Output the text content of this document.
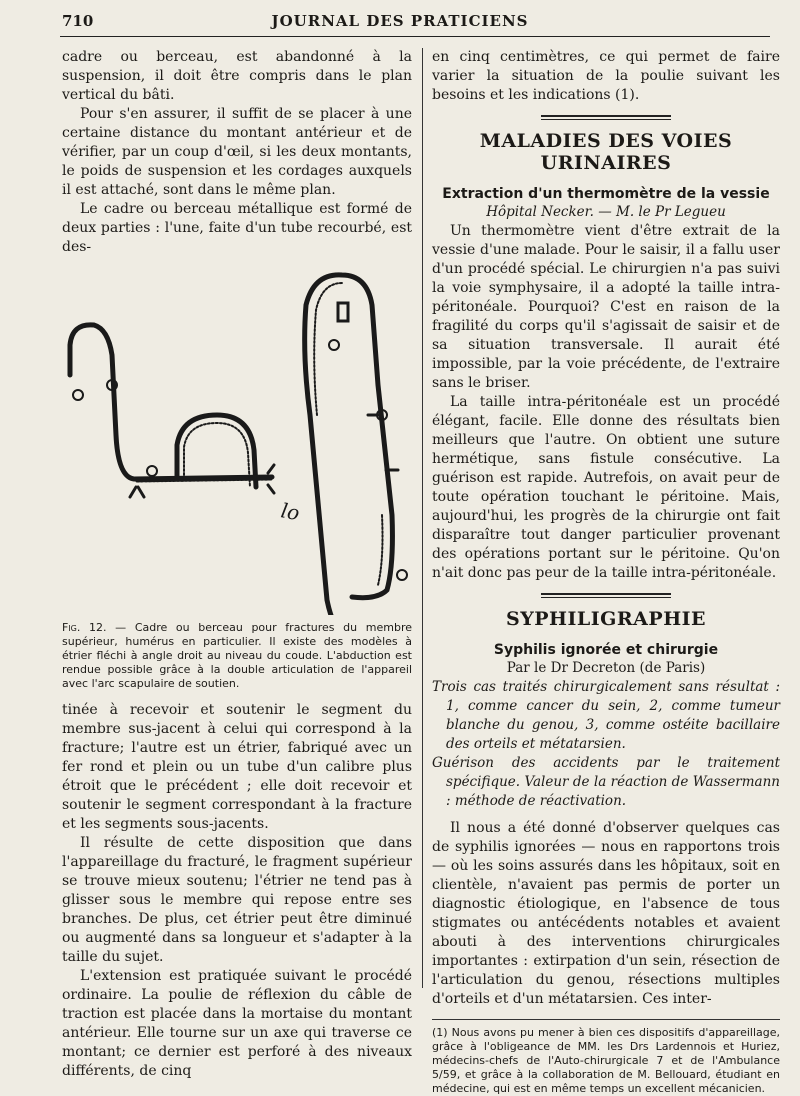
710	JOURNAL DES PRATICIENS

cadre ou berceau, est abandonné à la suspension, il doit être compris dans le plan vertical du bâti.

Pour s'en assurer, il suffit de se placer à une certaine distance du montant antérieur et de vérifier, par un coup d'œil, si les deux montants, le poids de suspension et les cordages auxquels il est attaché, sont dans le même plan.

Le cadre ou berceau métallique est formé de deux parties : l'une, faite d'un tube recourbé, est des-

lo
Fig. 12. — Cadre ou berceau pour fractures du membre supérieur, humérus en particulier. Il existe des modèles à étrier fléchi à angle droit au niveau du coude. L'abduction est rendue possible grâce à la double articulation de l'appareil avec l'arc scapulaire de soutien.

tinée à recevoir et soutenir le segment du membre sus-jacent à celui qui correspond à la fracture; l'autre est un étrier, fabriqué avec un fer rond et plein ou un tube d'un calibre plus étroit que le précédent ; elle doit recevoir et soutenir le segment correspondant à la fracture et les segments sous-jacents.

Il résulte de cette disposition que dans l'appareillage du fracturé, le fragment supérieur se trouve mieux soutenu; l'étrier ne tend pas à glisser sous le membre qui repose entre ses branches. De plus, cet étrier peut être diminué ou augmenté dans sa longueur et s'adapter à la taille du sujet.

L'extension est pratiquée suivant le procédé ordinaire. La poulie de réflexion du câble de traction est placée dans la mortaise du montant antérieur. Elle tourne sur un axe qui traverse ce montant; ce dernier est perforé à des niveaux différents, de cinq

en cinq centimètres, ce qui permet de faire varier la situation de la poulie suivant les besoins et les indications (1).

MALADIES DES VOIES URINAIRES
Extraction d'un thermomètre de la vessie
Hôpital Necker. — M. le Pr Legueu

Un thermomètre vient d'être extrait de la vessie d'une malade. Pour le saisir, il a fallu user d'un procédé spécial. Le chirurgien n'a pas suivi la voie symphysaire, il a adopté la taille intra-péritonéale. Pourquoi? C'est en raison de la fragilité du corps qu'il s'agissait de saisir et de sa situation transversale. Il aurait été impossible, par la voie précédente, de l'extraire sans le briser.

La taille intra-péritonéale est un procédé élégant, facile. Elle donne des résultats bien meilleurs que l'autre. On obtient une suture hermétique, sans fistule consécutive. La guérison est rapide. Autrefois, on avait peur de toute opération touchant le péritoine. Mais, aujourd'hui, les progrès de la chirurgie ont fait disparaître tout danger particulier provenant des opérations portant sur le péritoine. Qu'on n'ait donc pas peur de la taille intra-péritonéale.

SYPHILIGRAPHIE
Syphilis ignorée et chirurgie
Par le Dr Decreton (de Paris)

Trois cas traités chirurgicalement sans résultat : 1, comme cancer du sein, 2, comme tumeur blanche du genou, 3, comme ostéite bacillaire des orteils et métatarsien.

Guérison des accidents par le traitement spécifique. Valeur de la réaction de Wassermann : méthode de réactivation.

Il nous a été donné d'observer quelques cas de syphilis ignorées — nous en rapportons trois — où les soins assurés dans les hôpitaux, soit en clientèle, n'avaient pas permis de porter un diagnostic étiologique, en l'absence de tous stigmates ou antécédents notables et avaient abouti à des interventions chirurgicales importantes : extirpation d'un sein, résection de l'articulation du genou, résections multiples d'orteils et d'un métatarsien. Ces inter-

(1) Nous avons pu mener à bien ces dispositifs d'appareillage, grâce à l'obligeance de MM. les Drs Lardennois et Huriez, médecins-chefs de l'Auto-chirurgicale 7 et de l'Ambulance 5/59, et grâce à la collaboration de M. Bellouard, étudiant en médecine, qui est en même temps un excellent mécanicien.
